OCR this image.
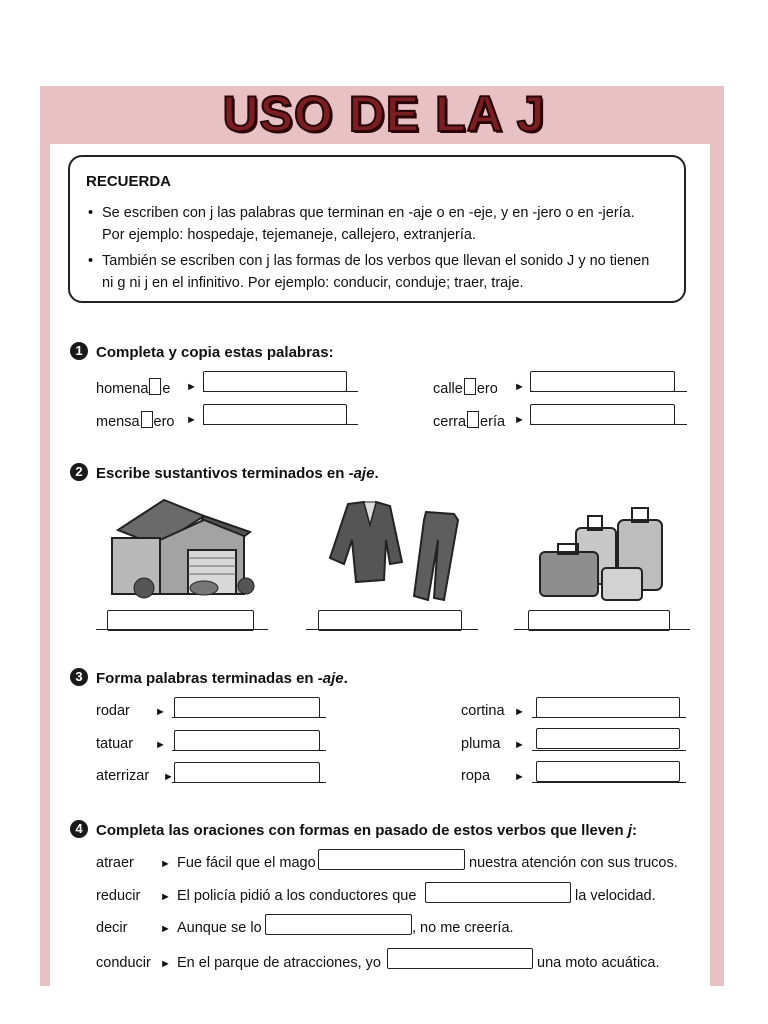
USO DE LA J
RECUERDA
• Se escriben con j las palabras que terminan en -aje o en -eje, y en -jero o en -jería.
Por ejemplo: hospedaje, tejemaneje, callejero, extranjería.
• También se escriben con j las formas de los verbos que llevan el sonido J y no tienen
ni g ni j en el infinitivo. Por ejemplo: conducir, conduje; traer, traje.
1 Completa y copia estas palabras:
homena e ►	calle ero ►
mensa ero ►	cerra ería ►
2 Escribe sustantivos terminados en -aje.
3 Forma palabras terminadas en -aje.
rodar ►	cortina ►
tatuar ►	pluma ►
aterrizar ►	ropa ►
4 Completa las oraciones con formas en pasado de estos verbos que lleven j:
atraer ► Fue fácil que el mago	nuestra atención con sus trucos.
reducir ► El policía pidió a los conductores que	la velocidad.
decir	► Aunque se lo	, no me creería.
conducir ► En el parque de atracciones, yo	una moto acuática.
